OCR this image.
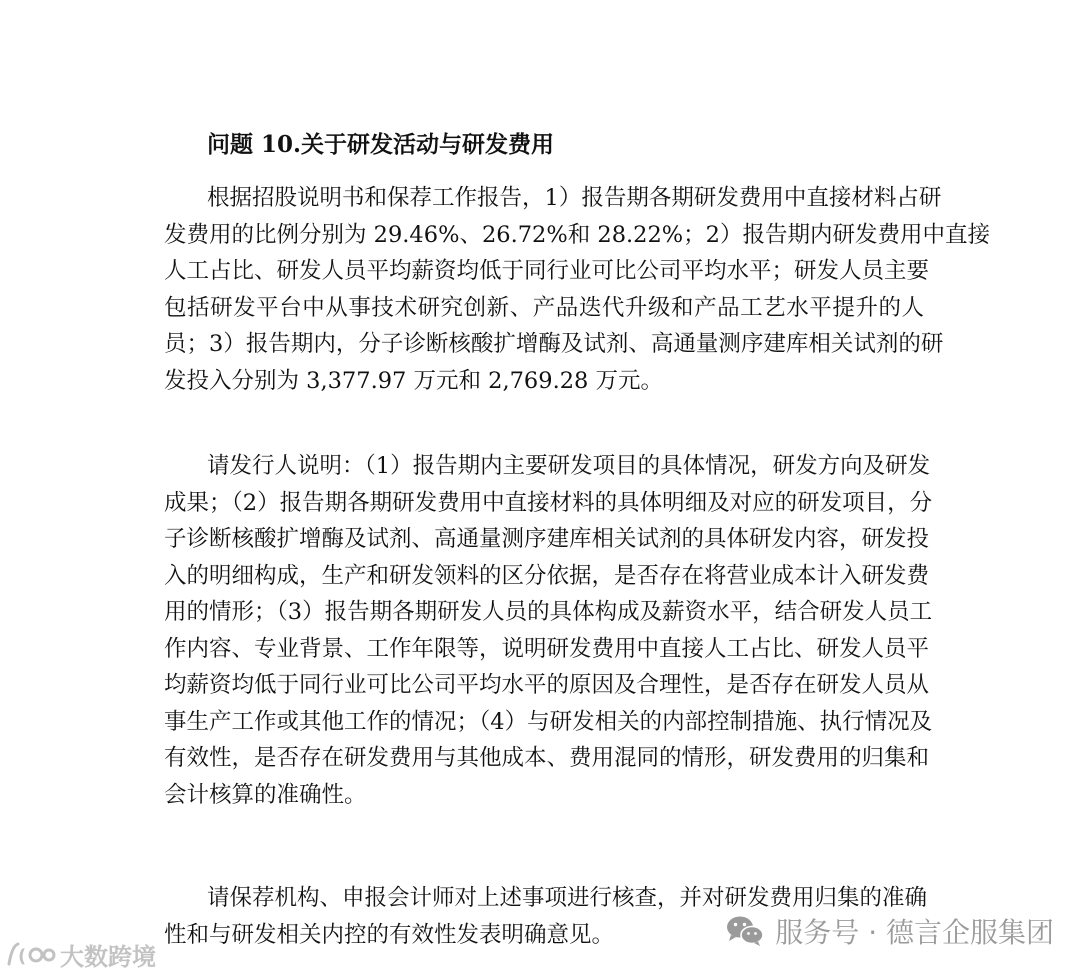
问题 10.关于研发活动与研发费用

根据招股说明书和保荐工作报告，1）报告期各期研发费用中直接材料占研
发费用的比例分别为 29.46%、26.72%和 28.22%；2）报告期内研发费用中直接
人工占比、研发人员平均薪资均低于同行业可比公司平均水平；研发人员主要
包括研发平台中从事技术研究创新、产品迭代升级和产品工艺水平提升的人
员；3）报告期内，分子诊断核酸扩增酶及试剂、高通量测序建库相关试剂的研
发投入分别为 3,377.97 万元和 2,769.28 万元。
请发行人说明：（1）报告期内主要研发项目的具体情况，研发方向及研发
成果；（2）报告期各期研发费用中直接材料的具体明细及对应的研发项目，分
子诊断核酸扩增酶及试剂、高通量测序建库相关试剂的具体研发内容，研发投
入的明细构成，生产和研发领料的区分依据，是否存在将营业成本计入研发费
用的情形；（3）报告期各期研发人员的具体构成及薪资水平，结合研发人员工
作内容、专业背景、工作年限等，说明研发费用中直接人工占比、研发人员平
均薪资均低于同行业可比公司平均水平的原因及合理性，是否存在研发人员从
事生产工作或其他工作的情况；（4）与研发相关的内部控制措施、执行情况及
有效性，是否存在研发费用与其他成本、费用混同的情形，研发费用的归集和
会计核算的准确性。
请保荐机构、申报会计师对上述事项进行核查，并对研发费用归集的准确
性和与研发相关内控的有效性发表明确意见。
( 大数跨境
服务号 · 德言企服集团
